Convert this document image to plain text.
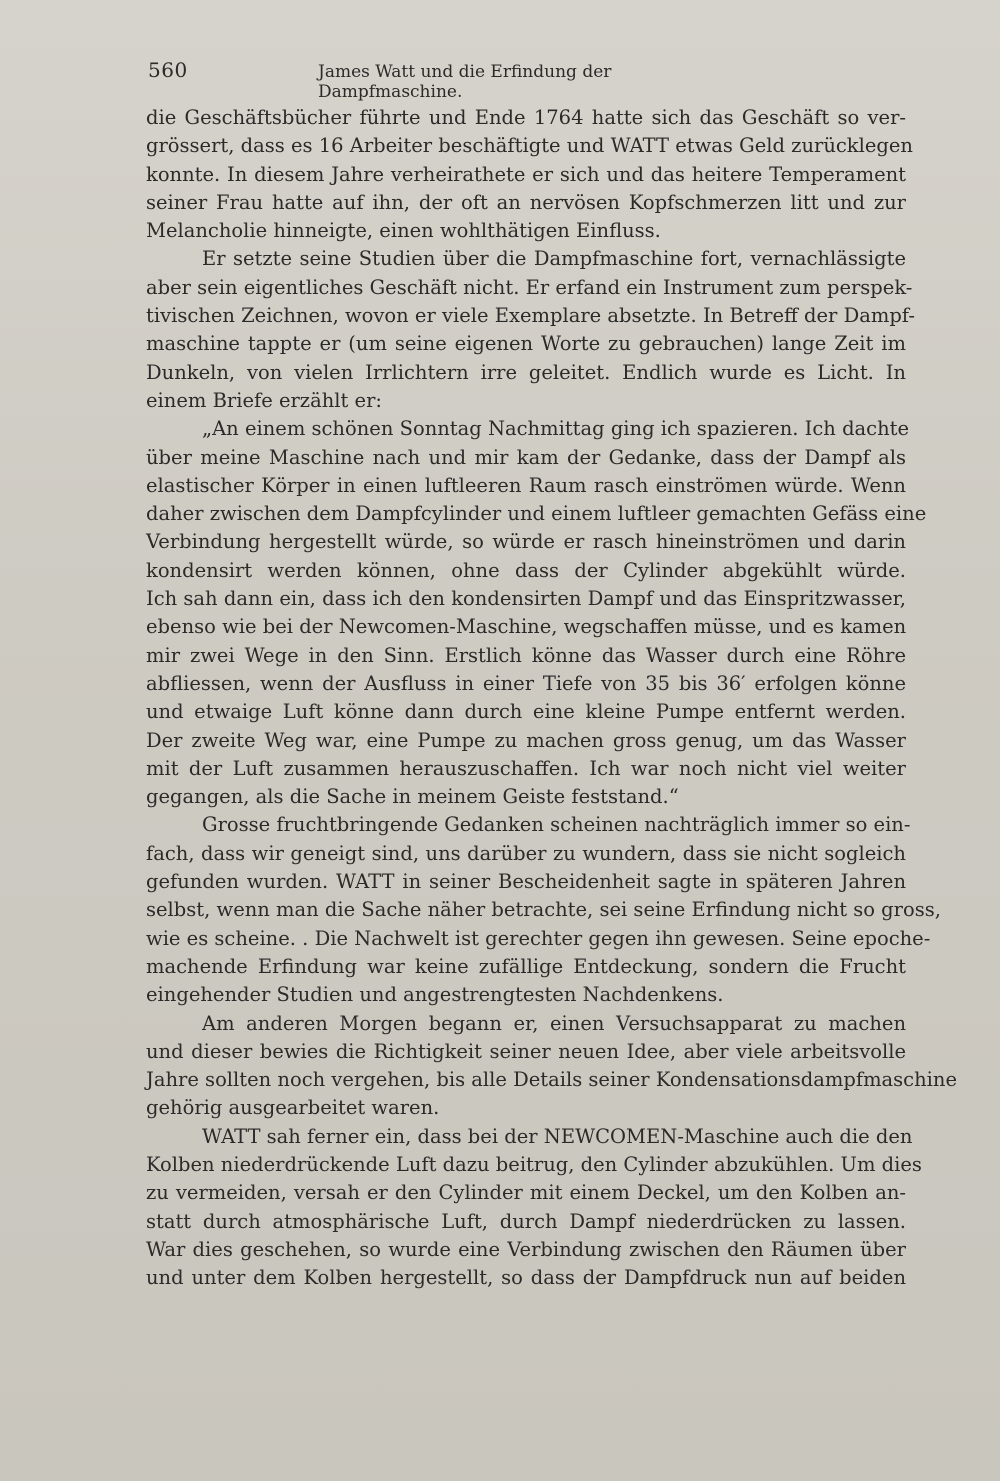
560	James Watt und die Erfindung der Dampfmaschine.
die Geschäftsbücher führte und Ende 1764 hatte sich das Geschäft so ver-
grössert, dass es 16 Arbeiter beschäftigte und WATT etwas Geld zurücklegen
konnte. In diesem Jahre verheirathete er sich und das heitere Temperament
seiner Frau hatte auf ihn, der oft an nervösen Kopfschmerzen litt und zur
Melancholie hinneigte, einen wohlthätigen Einfluss.
Er setzte seine Studien über die Dampfmaschine fort, vernachlässigte
aber sein eigentliches Geschäft nicht. Er erfand ein Instrument zum perspek-
tivischen Zeichnen, wovon er viele Exemplare absetzte. In Betreff der Dampf-
maschine tappte er (um seine eigenen Worte zu gebrauchen) lange Zeit im
Dunkeln, von vielen Irrlichtern irre geleitet. Endlich wurde es Licht. In
einem Briefe erzählt er:
„An einem schönen Sonntag Nachmittag ging ich spazieren. Ich dachte
über meine Maschine nach und mir kam der Gedanke, dass der Dampf als
elastischer Körper in einen luftleeren Raum rasch einströmen würde. Wenn
daher zwischen dem Dampfcylinder und einem luftleer gemachten Gefäss eine
Verbindung hergestellt würde, so würde er rasch hineinströmen und darin
kondensirt werden können, ohne dass der Cylinder abgekühlt würde.
Ich sah dann ein, dass ich den kondensirten Dampf und das Einspritzwasser,
ebenso wie bei der Newcomen-Maschine, wegschaffen müsse, und es kamen
mir zwei Wege in den Sinn. Erstlich könne das Wasser durch eine Röhre
abfliessen, wenn der Ausfluss in einer Tiefe von 35 bis 36′ erfolgen könne
und etwaige Luft könne dann durch eine kleine Pumpe entfernt werden.
Der zweite Weg war, eine Pumpe zu machen gross genug, um das Wasser
mit der Luft zusammen herauszuschaffen. Ich war noch nicht viel weiter
gegangen, als die Sache in meinem Geiste feststand.“
Grosse fruchtbringende Gedanken scheinen nachträglich immer so ein-
fach, dass wir geneigt sind, uns darüber zu wundern, dass sie nicht sogleich
gefunden wurden. WATT in seiner Bescheidenheit sagte in späteren Jahren
selbst, wenn man die Sache näher betrachte, sei seine Erfindung nicht so gross,
wie es scheine. . Die Nachwelt ist gerechter gegen ihn gewesen. Seine epoche-
machende Erfindung war keine zufällige Entdeckung, sondern die Frucht
eingehender Studien und angestrengtesten Nachdenkens.
Am anderen Morgen begann er, einen Versuchsapparat zu machen
und dieser bewies die Richtigkeit seiner neuen Idee, aber viele arbeitsvolle
Jahre sollten noch vergehen, bis alle Details seiner Kondensationsdampfmaschine
gehörig ausgearbeitet waren.
WATT sah ferner ein, dass bei der NEWCOMEN-Maschine auch die den
Kolben niederdrückende Luft dazu beitrug, den Cylinder abzukühlen. Um dies
zu vermeiden, versah er den Cylinder mit einem Deckel, um den Kolben an-
statt durch atmosphärische Luft, durch Dampf niederdrücken zu lassen.
War dies geschehen, so wurde eine Verbindung zwischen den Räumen über
und unter dem Kolben hergestellt, so dass der Dampfdruck nun auf beiden
